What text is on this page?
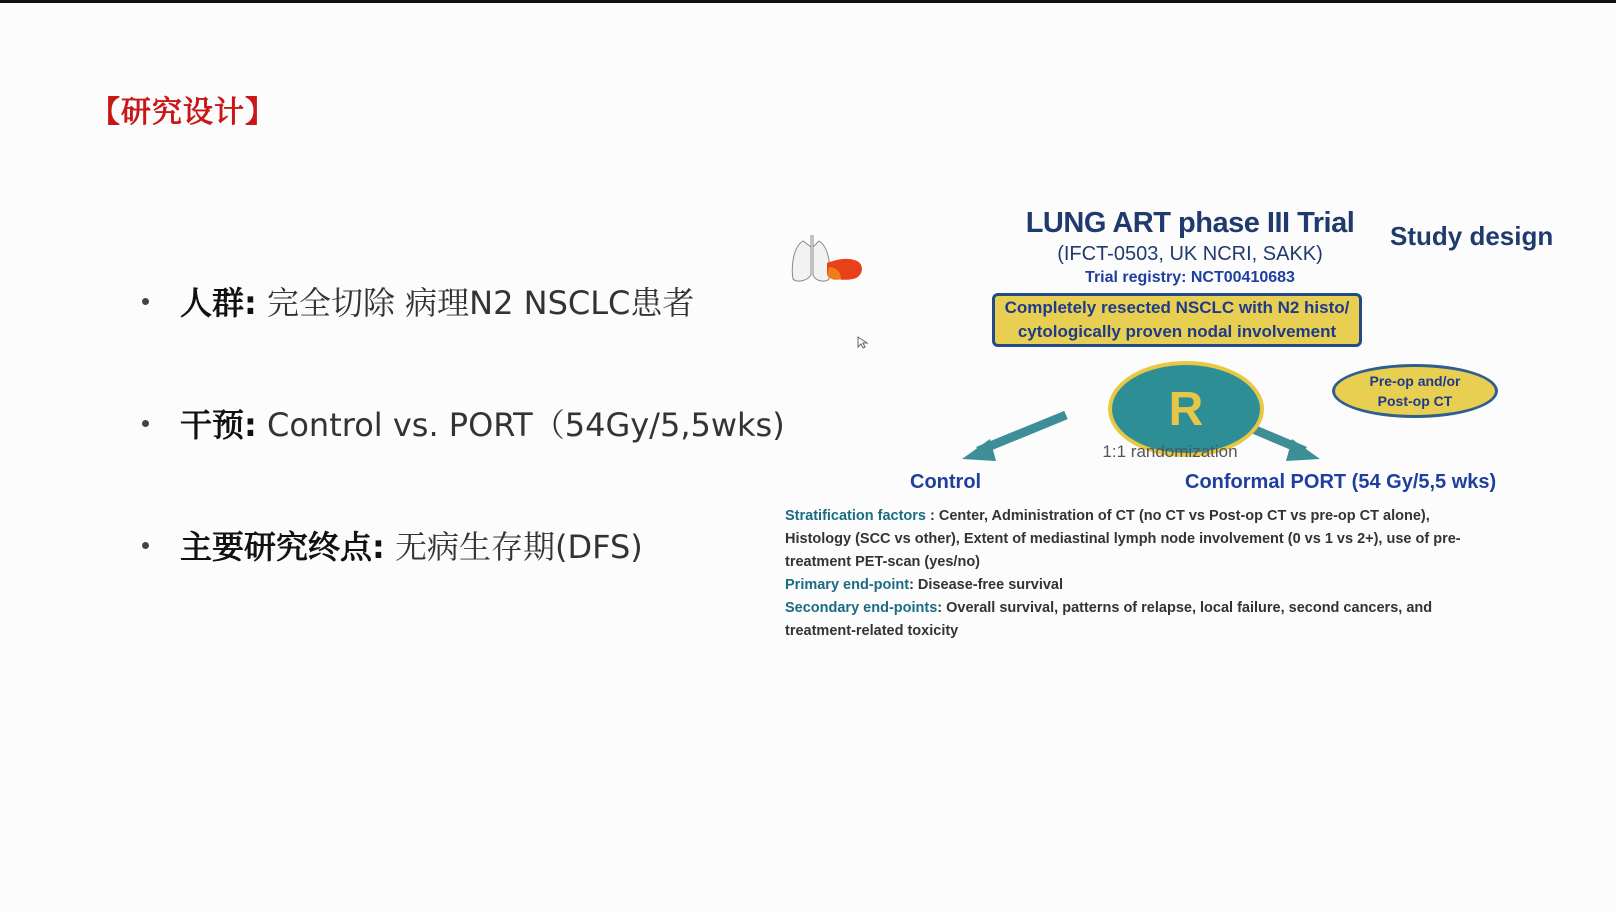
【研究设计】
人群: 完全切除 病理N2 NSCLC患者
干预: Control vs. PORT（54Gy/5,5wks)
主要研究终点: 无病生存期(DFS)
LUNG ART phase III Trial
(IFCT-0503, UK NCRI, SAKK)
Trial registry: NCT00410683
Study design
Completely resected NSCLC with N2 histo/
cytologically proven nodal involvement
R
Pre-op and/or
Post-op CT
1:1 randomization
Control	Conformal PORT (54 Gy/5,5 wks)
Stratification factors : Center, Administration of CT (no CT vs Post-op CT vs pre-op CT alone), Histology (SCC vs other), Extent of mediastinal lymph node involvement (0 vs 1 vs 2+), use of pre-treatment PET-scan (yes/no)
Primary end-point: Disease-free survival
Secondary end-points: Overall survival, patterns of relapse, local failure, second cancers, and treatment-related toxicity
